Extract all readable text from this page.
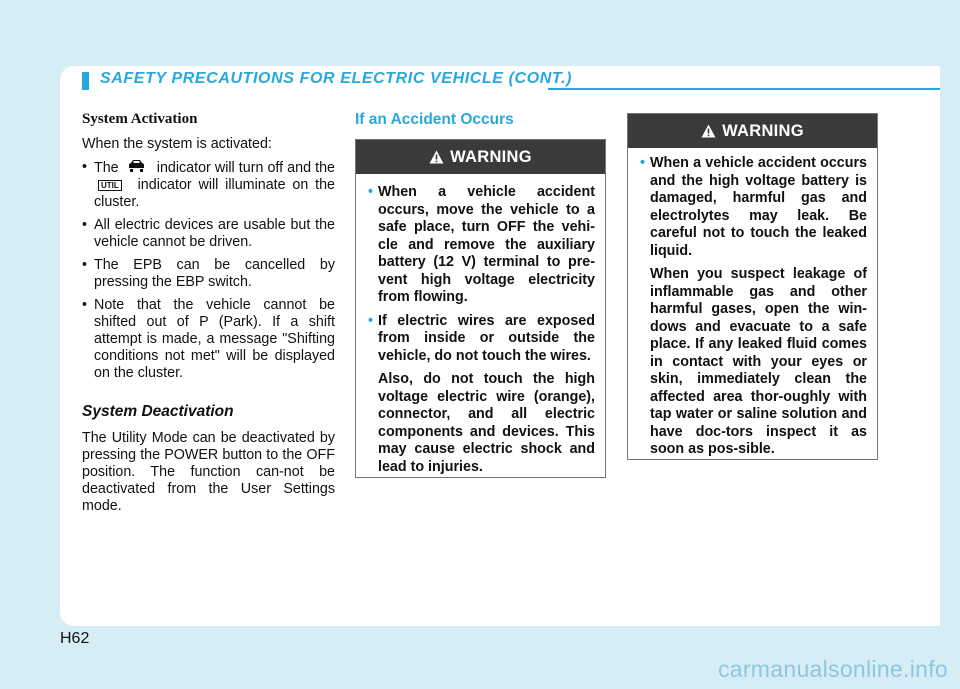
SAFETY PRECAUTIONS FOR ELECTRIC VEHICLE (CONT.)
System Activation
When the system is activated:
• The	indicator will turn off and the UTIL indicator will illuminate on the cluster.
• All electric devices are usable but the vehicle cannot be driven.
• The EPB can be cancelled by pressing the EBP switch.
• Note that the vehicle cannot be shifted out of P (Park). If a shift attempt is made, a message "Shifting conditions not met" will be displayed on the cluster.
System Deactivation
The Utility Mode can be deactivated by pressing the POWER button to the OFF position. The function can-not be deactivated from the User Settings mode.
If an Accident Occurs
WARNING
• When a vehicle accident occurs, move the vehicle to a safe place, turn OFF the vehi-cle and remove the auxiliary battery (12 V) terminal to pre-vent high voltage electricity from flowing.
• If electric wires are exposed from inside or outside the vehicle, do not touch the wires.
Also, do not touch the high voltage electric wire (orange), connector, and all electric components and devices. This may cause electric shock and lead to injuries.
WARNING
• When a vehicle accident occurs and the high voltage battery is damaged, harmful gas and electrolytes may leak. Be careful not to touch the leaked liquid.
When you suspect leakage of inflammable gas and other harmful gases, open the win-dows and evacuate to a safe place. If any leaked fluid comes in contact with your eyes or skin, immediately clean the affected area thor-oughly with tap water or saline solution and have doc-tors inspect it as soon as pos-sible.
H62
carmanualsonline.info
